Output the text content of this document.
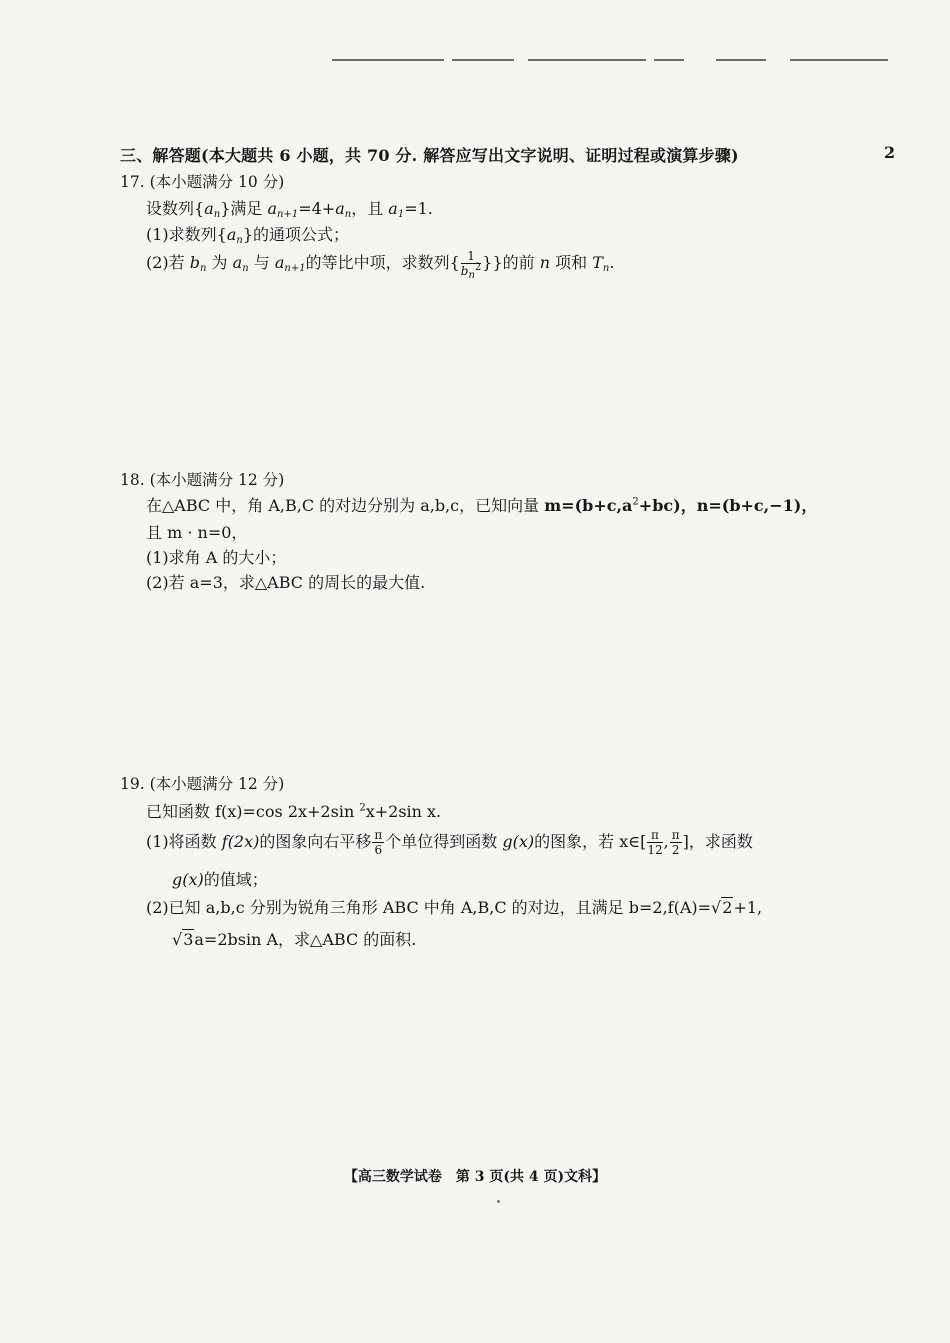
三、解答题(本大题共 6 小题，共 70 分. 解答应写出文字说明、证明过程或演算步骤)	2
17. (本小题满分 10 分)
设数列$\{a_n\}$满足 $a_{n+1}=4+a_n$，且 $a_1=1$.
(1)求数列$\{a_n\}$的通项公式；
(2)若 $b_n$ 为 $a_n$ 与 $a_{n+1}$的等比中项，求数列{ $\frac{1}{b_n^2}$ }}的前 n 项和 $T_n$.
18. (本小题满分 12 分)
在△ABC 中，角 A,B,C 的对边分别为 a,b,c，已知向量 $m=(b+c,a^2+bc)$，n=(b+c,−1)，
且 m · n=0，
(1)求角 A 的大小；
(2)若 a=3，求△ABC 的周长的最大值.
19. (本小题满分 12 分)
已知函数 f(x)=cos 2x+2sin $^2$x+2sin x.
(1)将函数 f(2x)的图象向右平移 $\frac{\pi}{6}$ 个单位得到函数 g(x)的图象，若 x∈[ $\frac{\pi}{12}$ , $\frac{\pi}{2}$ ]，求函数
g(x)的值域；
(2)已知 a,b,c 分别为锐角三角形 ABC 中角 A,B,C 的对边，且满足 b=2,f(A)=√2+1,
√3a=2bsin A，求△ABC 的面积.
【高三数学试卷　第 3 页(共 4 页)文科】
